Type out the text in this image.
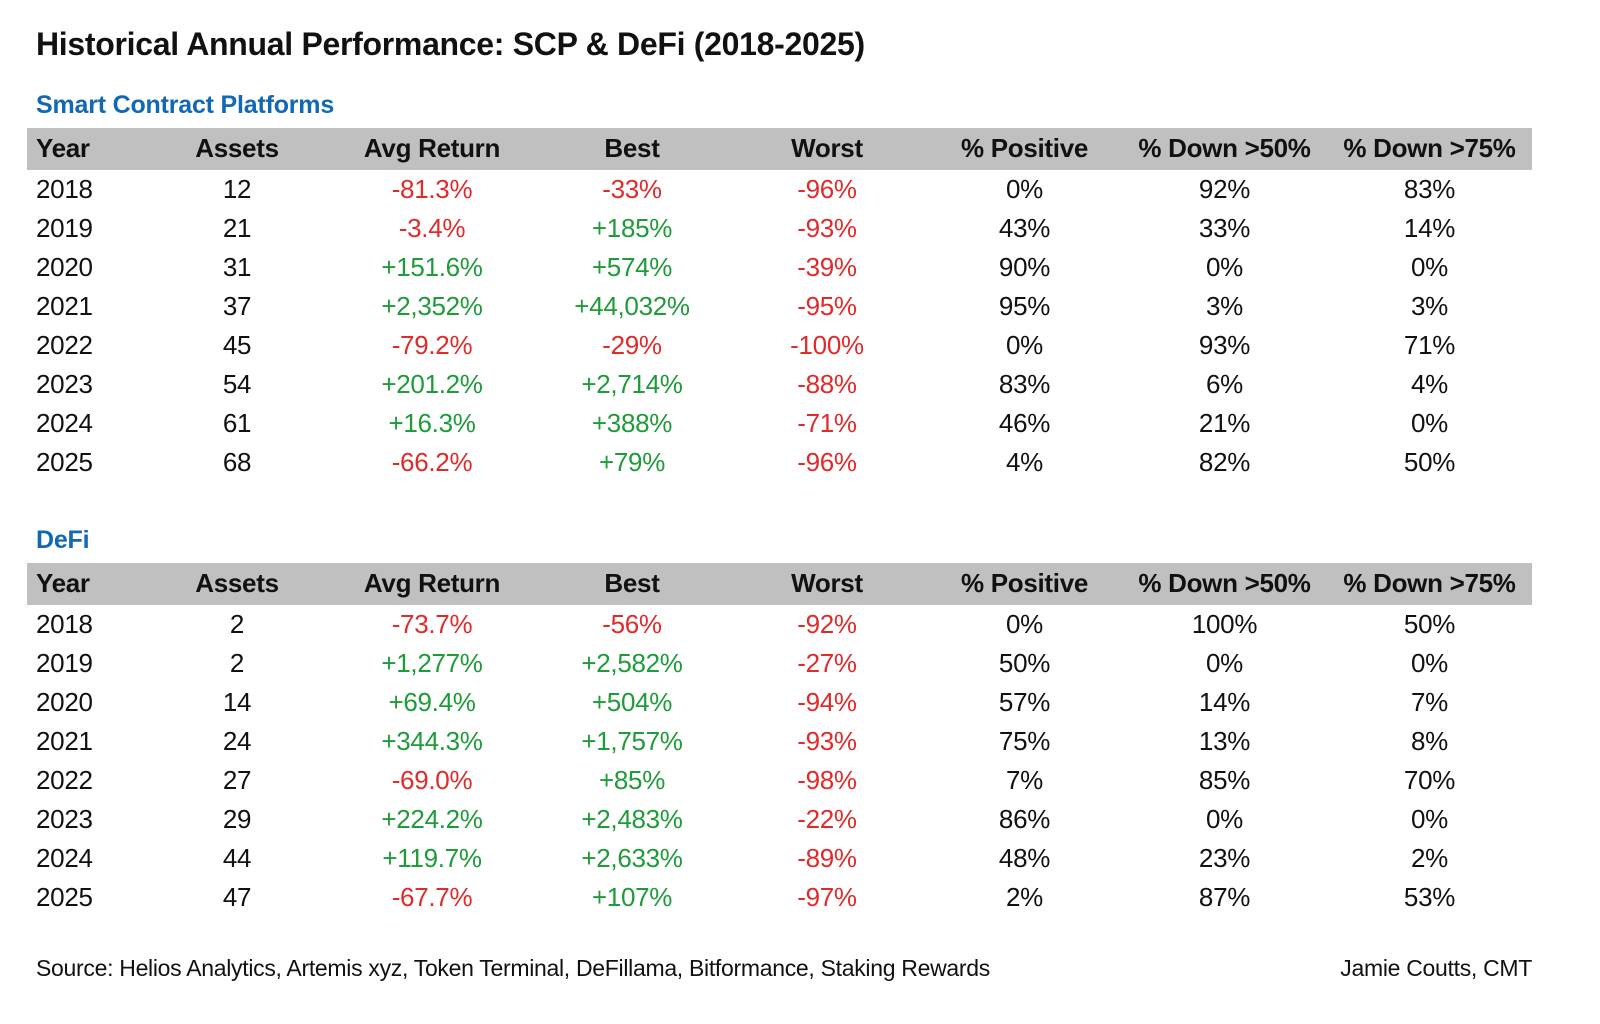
Historical Annual Performance: SCP & DeFi (2018-2025)
Smart Contract Platforms
Year	Assets	Avg Return	Best	Worst	% Positive	% Down >50%	% Down >75%
2018	12	-81.3%	-33%	-96%	0%	92%	83%
2019	21	-3.4%	+185%	-93%	43%	33%	14%
2020	31	+151.6%	+574%	-39%	90%	0%	0%
2021	37	+2,352%	+44,032%	-95%	95%	3%	3%
2022	45	-79.2%	-29%	-100%	0%	93%	71%
2023	54	+201.2%	+2,714%	-88%	83%	6%	4%
2024	61	+16.3%	+388%	-71%	46%	21%	0%
2025	68	-66.2%	+79%	-96%	4%	82%	50%
DeFi
Year	Assets	Avg Return	Best	Worst	% Positive	% Down >50%	% Down >75%
2018	2	-73.7%	-56%	-92%	0%	100%	50%
2019	2	+1,277%	+2,582%	-27%	50%	0%	0%
2020	14	+69.4%	+504%	-94%	57%	14%	7%
2021	24	+344.3%	+1,757%	-93%	75%	13%	8%
2022	27	-69.0%	+85%	-98%	7%	85%	70%
2023	29	+224.2%	+2,483%	-22%	86%	0%	0%
2024	44	+119.7%	+2,633%	-89%	48%	23%	2%
2025	47	-67.7%	+107%	-97%	2%	87%	53%
Source: Helios Analytics, Artemis xyz, Token Terminal, DeFillama, Bitformance, Staking Rewards	Jamie Coutts, CMT
